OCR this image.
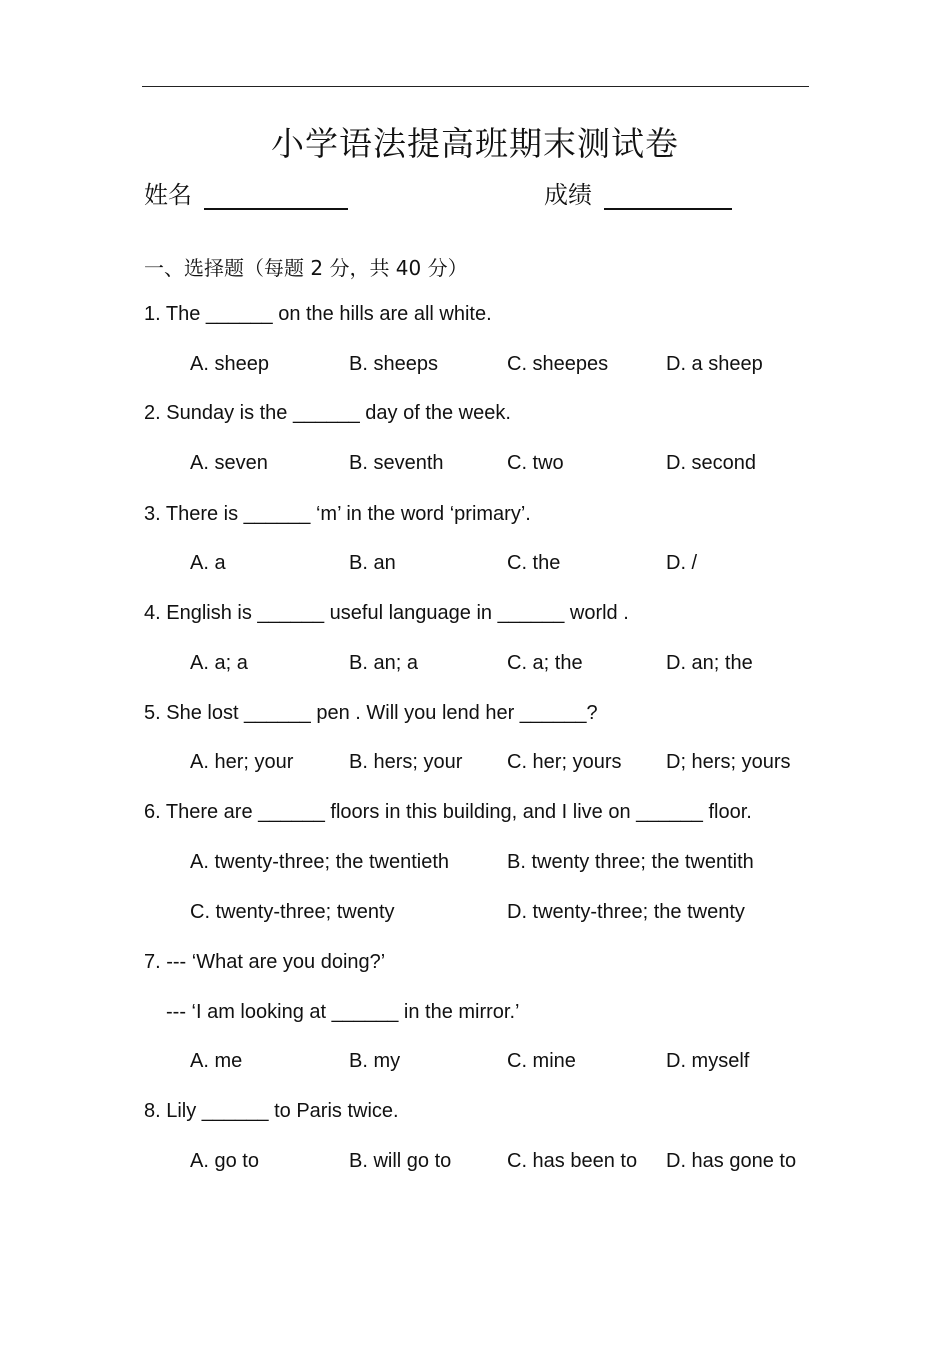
小学语法提高班期末测试卷
姓名	成绩
一、选择题（每题 2 分，共 40 分）
1. The ______ on the hills are all white.
A. sheep	B. sheeps	C. sheepes	D. a sheep
2. Sunday is the ______ day of the week.
A. seven	B. seventh	C. two	D. second
3. There is ______ ‘m’ in the word ‘primary’.
A. a	B. an	C. the	D. /
4. English is ______ useful language in ______ world .
A. a; a	B. an; a	C. a; the	D. an; the
5. She lost ______ pen . Will you lend her ______?
A. her; your	B. hers; your C. her; yours D; hers; yours
6. There are ______ floors in this building, and I live on ______ floor.
A. twenty-three; the twentieth	B. twenty three; the twentith
C. twenty-three; twenty	D. twenty-three; the twenty
7. --- ‘What are you doing?’
--- ‘I am looking at ______ in the mirror.’
A. me	B. my	C. mine	D. myself
8. Lily ______ to Paris twice.
A. go to	B. will go to	C. has been to D. has gone to
